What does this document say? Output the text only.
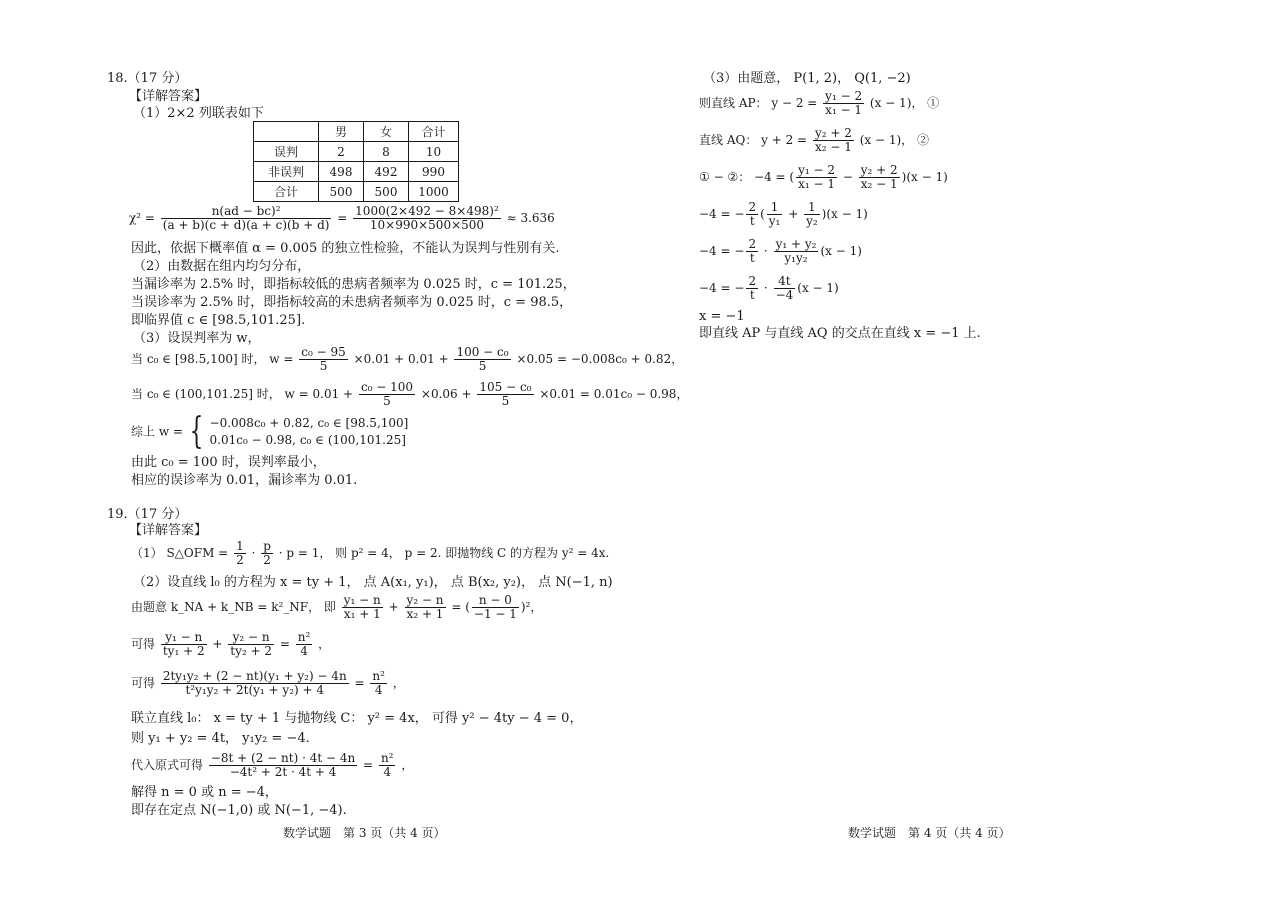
18.（17 分）
【详解答案】
（1）2×2 列联表如下
	男	女	合计
误判	2	8	10
非误判	498	492	990
合计	500	500	1000
$\chi^2 = \frac{\text{n(ad − bc)²}}{(a + b)(c + d)(a + c)(b + d)} = \frac{\text{1000(2×492 − 8×498)²}}{10\times 990\times 500\times 500} \approx 3.636$
因此，依据下概率值 α = 0.005 的独立性检验，不能认为误判与性别有关.
（2）由数据在组内均匀分布，
当漏诊率为 2.5% 时，即指标较低的患病者频率为 0.025 时，c = 101.25，
当误诊率为 2.5% 时，即指标较高的未患病者频率为 0.025 时，c = 98.5，
即临界值 c ∈ [98.5,101.25].
（3）设误判率为 w，
当 c₀ ∈ [98.5,100] 时， $w = \frac{\text{c₀ − 95}}{5} \times 0.01 + 0.01 + \frac{\text{100 − c₀}}{5} \times 0.05 = -0.008c_0 + 0.82$，
当 c₀ ∈ (100,101.25] 时， $w = 0.01 + \frac{\text{c₀ − 100}}{5} \times 0.06 + \frac{\text{105 − c₀}}{5} \times 0.01 = 0.01c_0 - 0.98$，
综上 w = { −0.008c₀ + 0.82, c₀ ∈ [98.5,100]
0.01c₀ − 0.98, c₀ ∈ (100,101.25]
由此 c₀ = 100 时，误判率最小，
相应的误诊率为 0.01，漏诊率为 0.01.
19.（17 分）
【详解答案】
（1） S△OFM = $\frac{1}{2} \cdot \frac{p}{2} \cdot p = 1$， 则 p² = 4， p = 2. 即抛物线 C 的方程为 y² = 4x.
（2）设直线 l₀ 的方程为 x = ty + 1， 点 A(x₁, y₁)， 点 B(x₂, y₂)， 点 N(−1, n)
由题意 k_NA + k_NB = k²_NF， 即 $\frac{\text{y₁ − n}}{\text{x₁ + 1}} + \frac{\text{y₂ − n}}{\text{x₂ + 1}}$ = ( $\frac{n - 0}{-1 - 1} )^2$，
可得 $\frac{\text{y₁ − n}}{\text{ty₁ + 2}} + \frac{\text{y₂ − n}}{\text{ty₂ + 2}} = \frac{\text{n²}}{4}$ ，
可得 $\frac{\text{2ty₁y₂ + (2 − nt)(y₁ + y₂) − 4n}}{\text{t²y₁y₂ + 2t(y₁ + y₂) + 4}} = \frac{\text{n²}}{4}$ ，
联立直线 l₀： x = ty + 1 与抛物线 C： y² = 4x， 可得 y² − 4ty − 4 = 0，
则 y₁ + y₂ = 4t， y₁y₂ = −4.
代入原式可得 $\frac{-8t + (2 - nt) \cdot 4t - 4n}{\text{−4t² + 2t · 4t + 4}} = \frac{\text{n²}}{4}$ ，
解得 n = 0 或 n = −4，
即存在定点 N(−1,0) 或 N(−1, −4).
数学试题　第 3 页（共 4 页）
（3）由题意， P(1, 2)， Q(1, −2)
则直线 AP： $y - 2 = \frac{\text{y₁ − 2}}{\text{x₁ − 1}} (x - 1)$， ①
直线 AQ： $y + 2 = \frac{\text{y₂ + 2}}{\text{x₂ − 1}} (x - 1)$， ②
① − ②： −4 = ( $\frac{\text{y₁ − 2}}{\text{x₁ − 1}} - \frac{\text{y₂ + 2}}{\text{x₂ − 1}} )(x - 1)$
−4 = − $\frac{2}{t}$ ( $\frac{1}{\text{y₁}} + \frac{1}{\text{y₂}} )(x - 1)$
−4 = − $\frac{2}{t} \cdot \frac{\text{y₁ + y₂}}{\text{y₁y₂}} (x - 1)$
−4 = − $\frac{2}{t} \cdot \frac{4t}{-4} (x - 1)$
x = −1
即直线 AP 与直线 AQ 的交点在直线 x = −1 上.
数学试题　第 4 页（共 4 页）
